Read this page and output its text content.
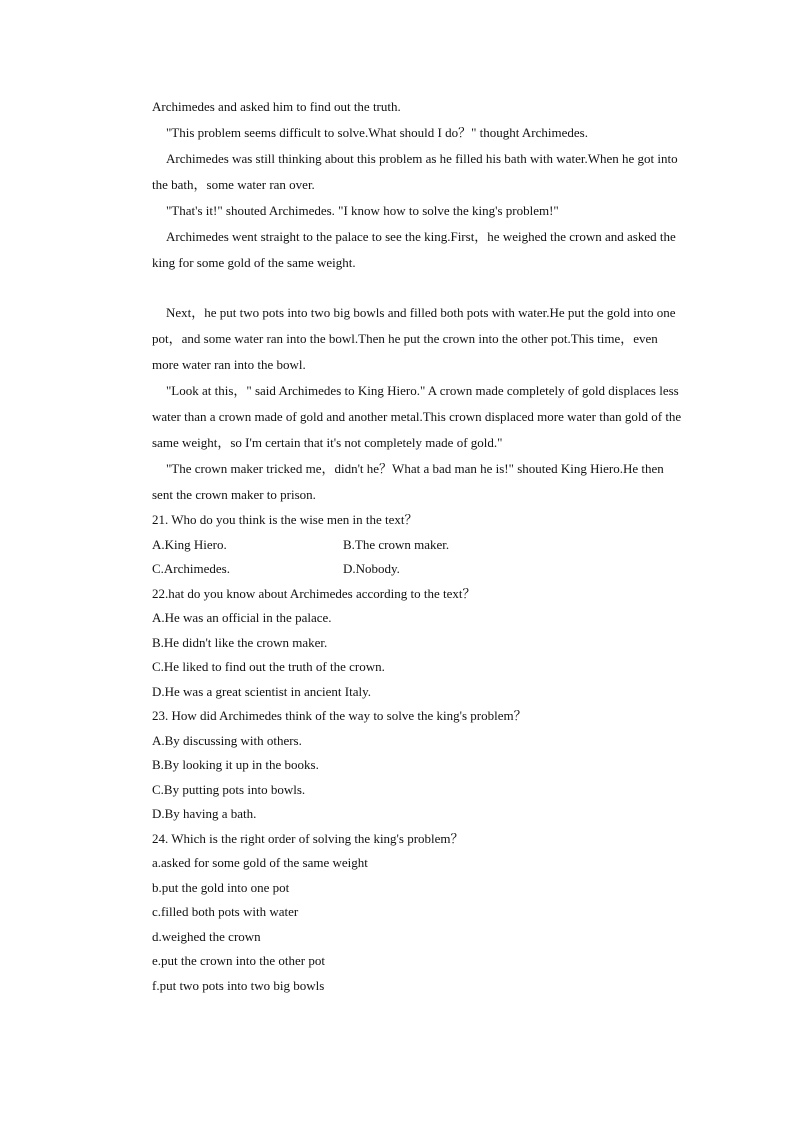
Archimedes and asked him to find out the truth.

"This problem seems difficult to solve.What should I do？" thought Archimedes.

Archimedes was still thinking about this problem as he filled his bath with water.When he got into the bath，some water ran over.

"That's it!" shouted Archimedes. "I know how to solve the king's problem!"

Archimedes went straight to the palace to see the king.First，he weighed the crown and asked the king for some gold of the same weight.

Next，he put two pots into two big bowls and filled both pots with water.He put the gold into one pot，and some water ran into the bowl.Then he put the crown into the other pot.This time，even more water ran into the bowl.

"Look at this，" said Archimedes to King Hiero." A crown made completely of gold displaces less water than a crown made of gold and another metal.This crown displaced more water than gold of the same weight，so I'm certain that it's not completely made of gold."

"The crown maker tricked me，didn't he？What a bad man he is!" shouted King Hiero.He then sent the crown maker to prison.

21. Who do you think is the wise men in the text？

A.King Hiero.	B.The crown maker.
C.Archimedes.	D.Nobody.

22.hat do you know about Archimedes according to the text？

A.He was an official in the palace.

B.He didn't like the crown maker.

C.He liked to find out the truth of the crown.

D.He was a great scientist in ancient Italy.

23. How did Archimedes think of the way to solve the king's problem？

A.By discussing with others.

B.By looking it up in the books.

C.By putting pots into bowls.

D.By having a bath.

24. Which is the right order of solving the king's problem？

a.asked for some gold of the same weight

b.put the gold into one pot

c.filled both pots with water

d.weighed the crown

e.put the crown into the other pot

f.put two pots into two big bowls
